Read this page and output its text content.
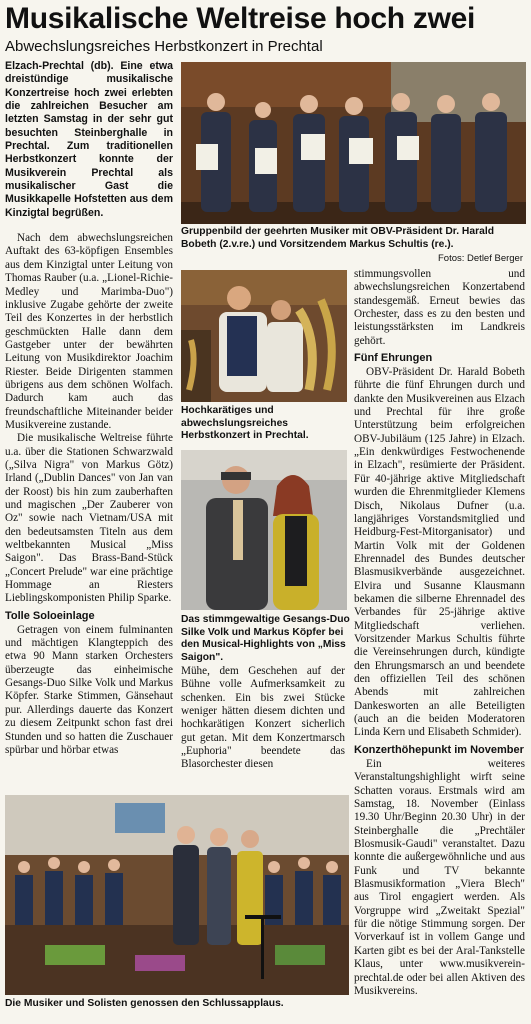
Musikalische Weltreise hoch zwei
Abwechslungsreiches Herbstkonzert in Prechtal

Elzach-Prechtal (db). Eine etwa dreistündige musikalische Konzertreise hoch zwei erlebten die zahlreichen Besucher am letzten Samstag in der sehr gut besuchten Steinberghalle in Prechtal. Zum traditionellen Herbstkonzert konnte der Musikverein Prechtal als musikalischer Gast die Musikkapelle Hofstetten aus dem Kinzigtal begrüßen.

Nach dem abwechslungsreichen Auftakt des 63-köpfigen Ensembles aus dem Kinzigtal unter Leitung von Thomas Rauber (u.a. „Lionel-Richie-Medley und Marimba-Duo") inklusive Zugabe gehörte der zweite Teil des Konzertes in der herbstlich geschmückten Halle dann dem Gastgeber unter der bewährten Leitung von Musikdirektor Joachim Riester. Beide Dirigenten stammen übrigens aus dem schönen Wolfach. Dadurch kam auch das freundschaftliche Miteinander beider Musikvereine zustande.

Die musikalische Weltreise führte u.a. über die Stationen Schwarzwald („Silva Nigra" von Markus Götz) Irland („Dublin Dances" von Jan van der Roost) bis hin zum zauberhaften und magischen „Der Zauberer von Oz" sowie nach Vietnam/USA mit den bedeutsamsten Titeln aus dem weltbekannten Musical „Miss Saigon". Das Brass-Band-Stück „Concert Prelude" war eine prächtige Hommage an Riesters Lieblingskomponisten Philip Sparke.

Tolle Soloeinlage

Getragen von einem fulminanten und mächtigen Klangteppich des etwa 90 Mann starken Orchesters überzeugte das einheimische Gesangs-Duo Silke Volk und Markus Köpfer. Starke Stimmen, Gänsehaut pur. Allerdings dauerte das Konzert zu diesem Zeitpunkt schon fast drei Stunden und so hatten die Zuschauer spürbar und hörbar etwas

Gruppenbild der geehrten Musiker mit OBV-Präsident Dr. Harald Bobeth (2.v.re.) und Vorsitzendem Markus Schultis (re.).
Fotos: Detlef Berger
Hochkarätiges und abwechslungsreiches Herbstkonzert in Prechtal.
Das stimmgewaltige Gesangs-Duo Silke Volk und Markus Köpfer bei den Musical-Highlights von „Miss Saigon".

Mühe, dem Geschehen auf der Bühne volle Aufmerksamkeit zu schenken. Ein bis zwei Stücke weniger hätten diesem dichten und hochkarätigen Konzert sicherlich gut getan. Mit dem Konzertmarsch „Euphoria" beendete das Blasorchester diesen

stimmungsvollen und abwechslungsreichen Konzertabend standesgemäß. Erneut bewies das Orchester, dass es zu den besten und leistungsstärksten im Landkreis gehört.

Fünf Ehrungen

OBV-Präsident Dr. Harald Bobeth führte die fünf Ehrungen durch und dankte den Musikvereinen aus Elzach und Prechtal für ihre große Unterstützung beim erfolgreichen OBV-Jubiläum (125 Jahre) in Elzach. „Ein denkwürdiges Festwochenende in Elzach", resümierte der Präsident. Für 40-jährige aktive Mitgliedschaft wurden die Ehrenmitglieder Klemens Disch, Nikolaus Dufner (u.a. langjähriges Vorstandsmitglied und Heidburg-Fest-Mitorganisator) und Martin Volk mit der Goldenen Ehrennadel des Bundes deutscher Blasmusikverbände ausgezeichnet. Elvira und Susanne Klausmann bekamen die silberne Ehrennadel des Verbandes für 25-jährige aktive Mitgliedschaft verliehen. Vorsitzender Markus Schultis führte die Vereinsehrungen durch, kündigte den Ehrungsmarsch an und beendete den offiziellen Teil des schönen Abends mit zahlreichen Dankesworten an alle Beteiligten (auch an die beiden Moderatoren Linda Kern und Elisabeth Schmider).

Konzerthöhepunkt im November

Ein weiteres Veranstaltungshighlight wirft seine Schatten voraus. Erstmals wird am Samstag, 18. November (Einlass 19.30 Uhr/Beginn 20.30 Uhr) in der Steinberghalle die „Prechtäler Blosmusik-Gaudi" veranstaltet. Dazu konnte die außergewöhnliche und aus Funk und TV bekannte Blasmusikformation „Viera Blech" aus Tirol engagiert werden. Als Vorgruppe wird „Zweitakt Spezial" für die nötige Stimmung sorgen. Der Vorverkauf ist in vollem Gange und Karten gibt es bei der Aral-Tankstelle Klaus, unter www.musikverein-prechtal.de oder bei allen Aktiven des Musikvereins.

Die Musiker und Solisten genossen den Schlussapplaus.
